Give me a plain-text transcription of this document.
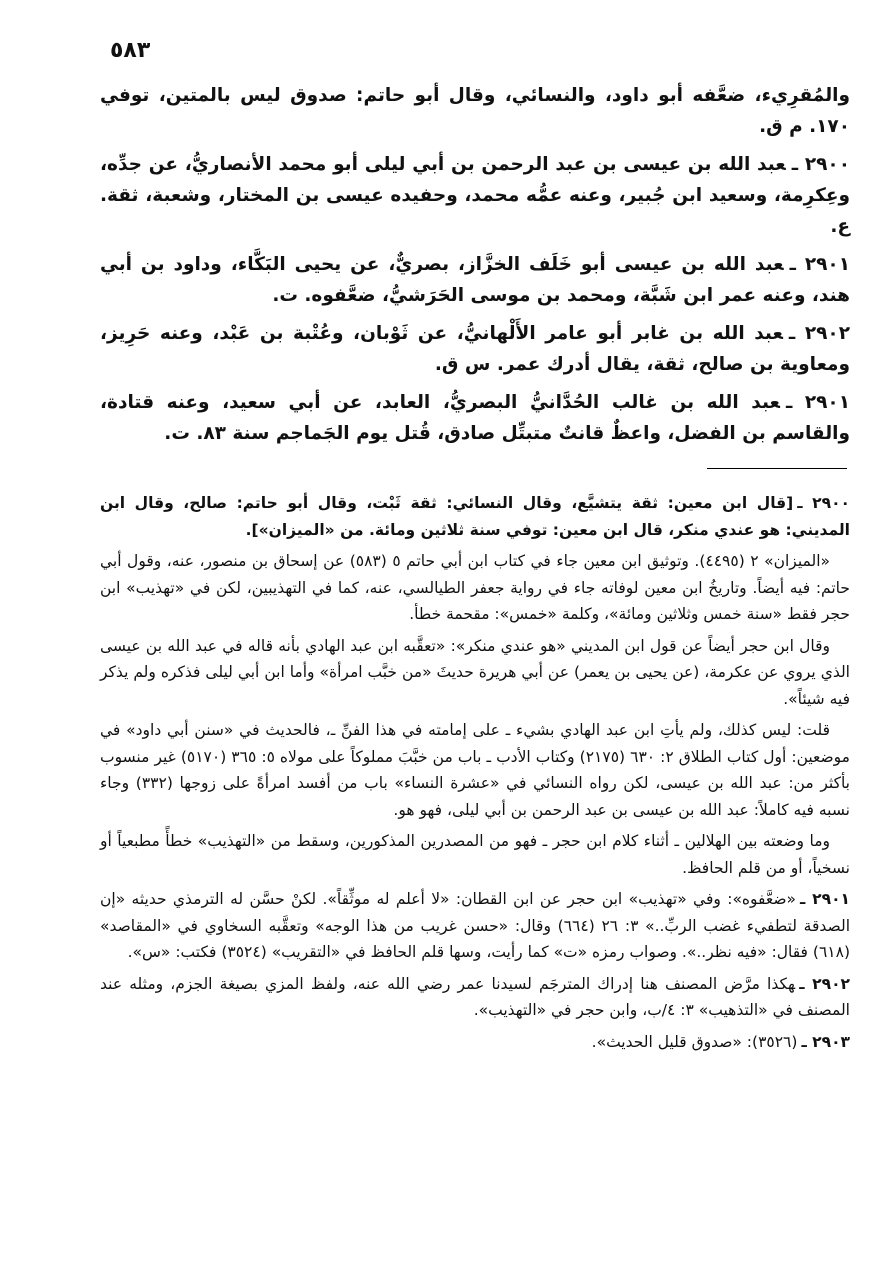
٥٨٣

والمُقرِيء، ضعَّفه أبو داود، والنسائي، وقال أبو حاتم: صدوق ليس بالمتين، توفي ١٧٠. م ق.

٢٩٠٠ ـعبد الله بن عيسى بن عبد الرحمن بن أبي ليلى أبو محمد الأنصاريُّ، عن جدِّه، وعِكرِمة، وسعيد ابن جُبير، وعنه عمُّه محمد، وحفيده عيسى بن المختار، وشعبة، ثقة. ع.

٢٩٠١ ـعبد الله بن عيسى أبو خَلَف الخزَّاز، بصريٌّ، عن يحيى البَكَّاء، وداود بن أبي هند، وعنه عمر ابن شَبَّة، ومحمد بن موسى الحَرَشيُّ، ضعَّفوه. ت.

٢٩٠٢ ـعبد الله بن غابر أبو عامر الأَلْهانيُّ، عن ثَوْبان، وعُتْبة بن عَبْد، وعنه حَرِيز، ومعاوية بن صالح، ثقة، يقال أدرك عمر. س ق.

٢٩٠١ ـعبد الله بن غالب الحُدَّانيُّ البصريُّ، العابد، عن أبي سعيد، وعنه قتادة، والقاسم بن الفضل، واعظٌ قانتٌ متبتِّل صادق، قُتل يوم الجَماجم سنة ٨٣. ت.

٢٩٠٠ ـ[قال ابن معين: ثقة يتشيَّع، وقال النسائي: ثقة ثَبْت، وقال أبو حاتم: صالح، وقال ابن المديني: هو عندي منكر، قال ابن معين: توفي سنة ثلاثين ومائة. من «الميزان»].

«الميزان» ٢ (٤٤٩٥). وتوثيق ابن معين جاء في كتاب ابن أبي حاتم ٥ (٥٨٣) عن إسحاق بن منصور، عنه، وقول أبي حاتم: فيه أيضاً. وتاريخُ ابن معين لوفاته جاء في رواية جعفر الطيالسي، عنه، كما في التهذيبين، لكن في «تهذيب» ابن حجر فقط «سنة خمس وثلاثين ومائة»، وكلمة «خمس»: مقحمة خطأ.

وقال ابن حجر أيضاً عن قول ابن المديني «هو عندي منكر»: «تعقَّبه ابن عبد الهادي بأنه قاله في عبد الله بن عيسى الذي يروي عن عكرمة، (عن يحيى بن يعمر) عن أبي هريرة حديثَ «من خبَّب امرأة» وأما ابن أبي ليلى فذكره ولم يذكر فيه شيئاً».

قلت: ليس كذلك، ولم يأتِ ابن عبد الهادي بشيء ـ على إمامته في هذا الفنِّ ـ، فالحديث في «سنن أبي داود» في موضعين: أول كتاب الطلاق ٢: ٦٣٠ (٢١٧٥) وكتاب الأدب ـ باب من خبَّبَ مملوكاً على مولاه ٥: ٣٦٥ (٥١٧٠) غير منسوب بأكثر من: عبد الله بن عيسى، لكن رواه النسائي في «عشرة النساء» باب من أفسد امرأةً على زوجها (٣٣٢) وجاء نسبه فيه كاملاً: عبد الله بن عيسى بن عبد الرحمن بن أبي ليلى، فهو هو.

وما وضعته بين الهلالين ـ أثناء كلام ابن حجر ـ فهو من المصدرين المذكورين، وسقط من «التهذيب» خطأً مطبعياً أو نسخياً، أو من قلم الحافظ.

٢٩٠١ ـ«ضعَّفوه»: وفي «تهذيب» ابن حجر عن ابن القطان: «لا أعلم له موثِّقاً». لكنْ حسَّن له الترمذي حديثه «إن الصدقة لتطفيء غضب الربِّ..» ٣: ٢٦ (٦٦٤) وقال: «حسن غريب من هذا الوجه» وتعقَّبه السخاوي في «المقاصد» (٦١٨) فقال: «فيه نظر..». وصواب رمزه «ت» كما رأيت، وسها قلم الحافظ في «التقريب» (٣٥٢٤) فكتب: «س».

٢٩٠٢ ـهكذا مرَّض المصنف هنا إدراك المترجَم لسيدنا عمر رضي الله عنه، ولفظ المزي بصيغة الجزم، ومثله عند المصنف في «التذهيب» ٣: ٤/ب، وابن حجر في «التهذيب».

٢٩٠٣ ـ(٣٥٢٦): «صدوق قليل الحديث».
